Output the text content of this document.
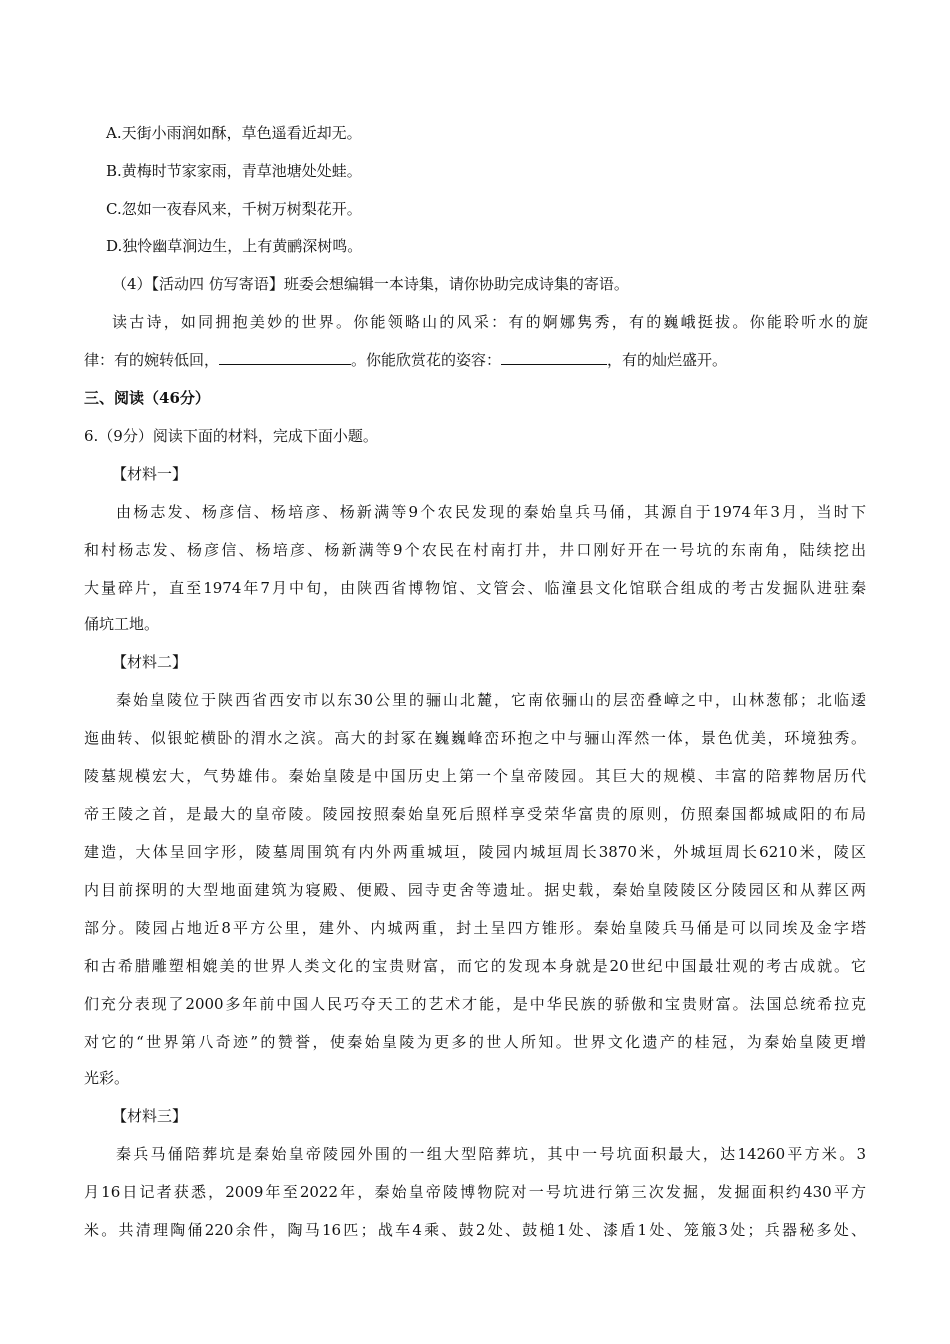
A.天街小雨润如酥，草色遥看近却无。
B.黄梅时节家家雨，青草池塘处处蛙。
C.忽如一夜春风来，千树万树梨花开。
D.独怜幽草涧边生，上有黄鹂深树鸣。
（4）【活动四 仿写寄语】班委会想编辑一本诗集，请你协助完成诗集的寄语。
读古诗，如同拥抱美妙的世界。你能领略山的风采：有的婀娜隽秀，有的巍峨挺拔。你能聆听水的旋
律：有的婉转低回，	。你能欣赏花的姿容：	，有的灿烂盛开。
三、阅读（46分）
6.（9分）阅读下面的材料，完成下面小题。
【材料一】
由杨志发、杨彦信、杨培彦、杨新满等9个农民发现的秦始皇兵马俑，其源自于1974年3月，当时下
和村杨志发、杨彦信、杨培彦、杨新满等9个农民在村南打井，井口刚好开在一号坑的东南角，陆续挖出
大量碎片，直至1974年7月中旬，由陕西省博物馆、文管会、临潼县文化馆联合组成的考古发掘队进驻秦
俑坑工地。
【材料二】
秦始皇陵位于陕西省西安市以东30公里的骊山北麓，它南依骊山的层峦叠嶂之中，山林葱郁；北临逶
迤曲转、似银蛇横卧的渭水之滨。高大的封冢在巍巍峰峦环抱之中与骊山浑然一体，景色优美，环境独秀。
陵墓规模宏大，气势雄伟。秦始皇陵是中国历史上第一个皇帝陵园。其巨大的规模、丰富的陪葬物居历代
帝王陵之首，是最大的皇帝陵。陵园按照秦始皇死后照样享受荣华富贵的原则，仿照秦国都城咸阳的布局
建造，大体呈回字形，陵墓周围筑有内外两重城垣，陵园内城垣周长3870米，外城垣周长6210米，陵区
内目前探明的大型地面建筑为寝殿、便殿、园寺吏舍等遗址。据史载，秦始皇陵陵区分陵园区和从葬区两
部分。陵园占地近8平方公里，建外、内城两重，封土呈四方锥形。秦始皇陵兵马俑是可以同埃及金字塔
和古希腊雕塑相媲美的世界人类文化的宝贵财富，而它的发现本身就是20世纪中国最壮观的考古成就。它
们充分表现了2000多年前中国人民巧夺天工的艺术才能，是中华民族的骄傲和宝贵财富。法国总统希拉克
对它的“世界第八奇迹”的赞誉，使秦始皇陵为更多的世人所知。世界文化遗产的桂冠，为秦始皇陵更增
光彩。
【材料三】
秦兵马俑陪葬坑是秦始皇帝陵园外围的一组大型陪葬坑，其中一号坑面积最大，达14260平方米。3
月16日记者获悉，2009年至2022年，秦始皇帝陵博物院对一号坑进行第三次发掘，发掘面积约430平方
米。共清理陶俑220余件，陶马16匹；战车4乘、鼓2处、鼓槌1处、漆盾1处、笼箙3处；兵器秘多处、
